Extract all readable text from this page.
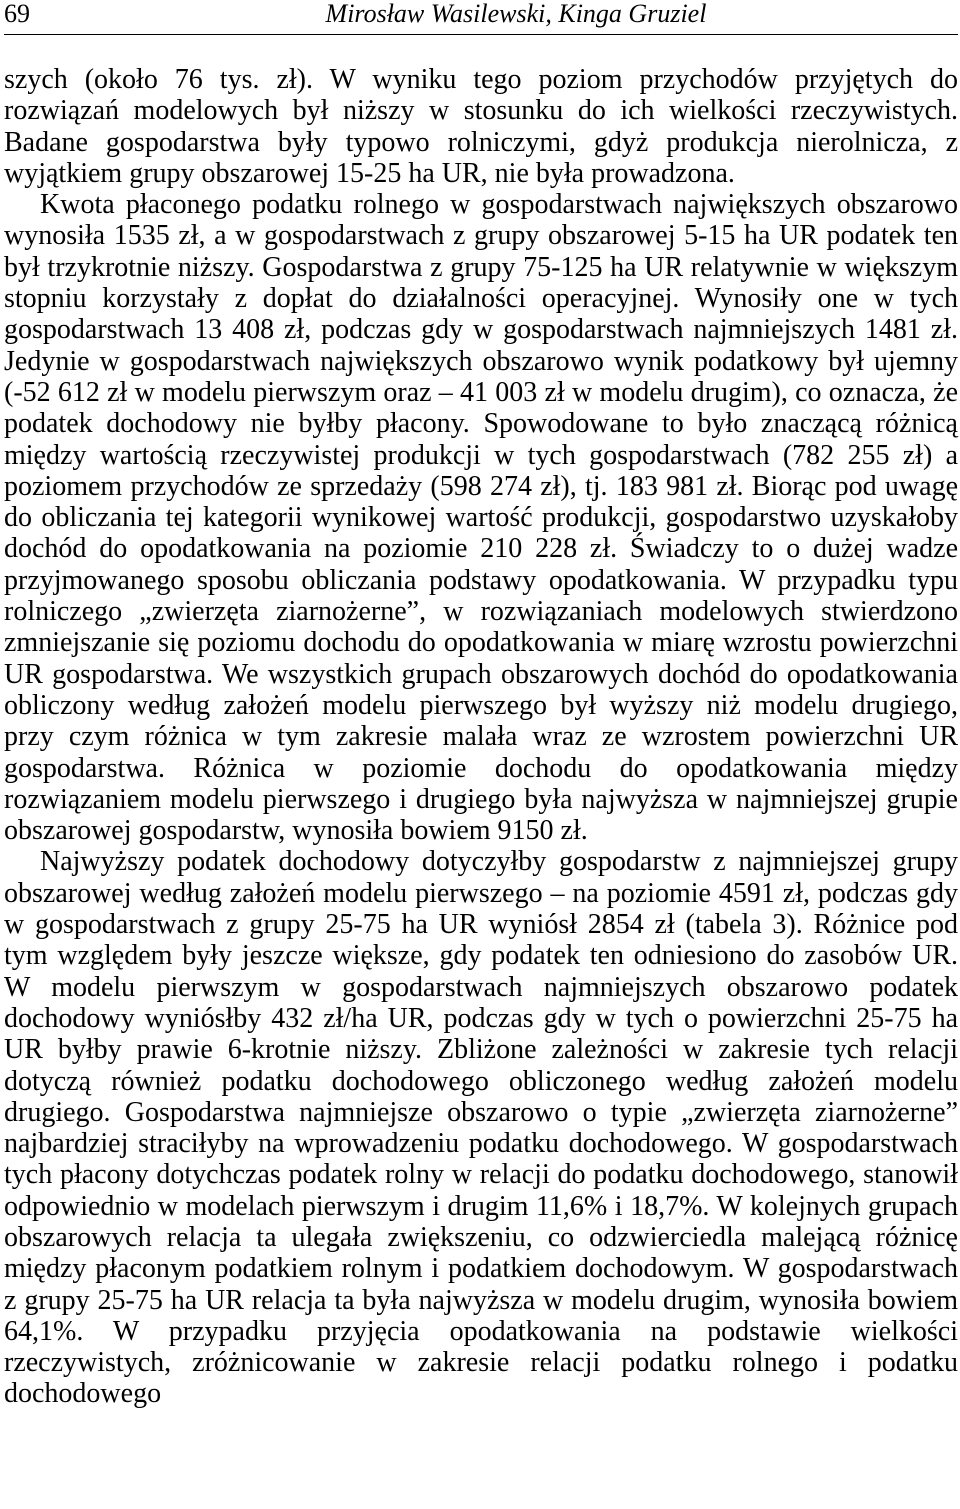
69	Mirosław Wasilewski, Kinga Gruziel

szych (około 76 tys. zł). W wyniku tego poziom przychodów przyjętych do rozwiązań modelowych był niższy w stosunku do ich wielkości rzeczywistych. Badane gospodarstwa były typowo rolniczymi, gdyż produkcja nierolnicza, z wyjątkiem grupy obszarowej 15-25 ha UR, nie była prowadzona.

Kwota płaconego podatku rolnego w gospodarstwach największych obszarowo wynosiła 1535 zł, a w gospodarstwach z grupy obszarowej 5-15 ha UR podatek ten był trzykrotnie niższy. Gospodarstwa z grupy 75-125 ha UR relatywnie w większym stopniu korzystały z dopłat do działalności operacyjnej. Wynosiły one w tych gospodarstwach 13 408 zł, podczas gdy w gospodarstwach najmniejszych 1481 zł. Jedynie w gospodarstwach największych obszarowo wynik podatkowy był ujemny (-52 612 zł w modelu pierwszym oraz – 41 003 zł w modelu drugim), co oznacza, że podatek dochodowy nie byłby płacony. Spowodowane to było znaczącą różnicą między wartością rzeczywistej produkcji w tych gospodarstwach (782 255 zł) a poziomem przychodów ze sprzedaży (598 274 zł), tj. 183 981 zł. Biorąc pod uwagę do obliczania tej kategorii wynikowej wartość produkcji, gospodarstwo uzyskałoby dochód do opodatkowania na poziomie 210 228 zł. Świadczy to o dużej wadze przyjmowanego sposobu obliczania podstawy opodatkowania. W przypadku typu rolniczego „zwierzęta ziarnożerne”, w rozwiązaniach modelowych stwierdzono zmniejszanie się poziomu dochodu do opodatkowania w miarę wzrostu powierzchni UR gospodarstwa. We wszystkich grupach obszarowych dochód do opodatkowania obliczony według założeń modelu pierwszego był wyższy niż modelu drugiego, przy czym różnica w tym zakresie malała wraz ze wzrostem powierzchni UR gospodarstwa. Różnica w poziomie dochodu do opodatkowania między rozwiązaniem modelu pierwszego i drugiego była najwyższa w najmniejszej grupie obszarowej gospodarstw, wynosiła bowiem 9150 zł.

Najwyższy podatek dochodowy dotyczyłby gospodarstw z najmniejszej grupy obszarowej według założeń modelu pierwszego – na poziomie 4591 zł, podczas gdy w gospodarstwach z grupy 25-75 ha UR wyniósł 2854 zł (tabela 3). Różnice pod tym względem były jeszcze większe, gdy podatek ten odniesiono do zasobów UR. W modelu pierwszym w gospodarstwach najmniejszych obszarowo podatek dochodowy wyniósłby 432 zł/ha UR, podczas gdy w tych o powierzchni 25-75 ha UR byłby prawie 6-krotnie niższy. Zbliżone zależności w zakresie tych relacji dotyczą również podatku dochodowego obliczonego według założeń modelu drugiego. Gospodarstwa najmniejsze obszarowo o typie „zwierzęta ziarnożerne” najbardziej straciłyby na wprowadzeniu podatku dochodowego. W gospodarstwach tych płacony dotychczas podatek rolny w relacji do podatku dochodowego, stanowił odpowiednio w modelach pierwszym i drugim 11,6% i 18,7%. W kolejnych grupach obszarowych relacja ta ulegała zwiększeniu, co odzwierciedla malejącą różnicę między płaconym podatkiem rolnym i podatkiem dochodowym. W gospodarstwach z grupy 25-75 ha UR relacja ta była najwyższa w modelu drugim, wynosiła bowiem 64,1%. W przypadku przyjęcia opodatkowania na podstawie wielkości rzeczywistych, zróżnicowanie w zakresie relacji podatku rolnego i podatku dochodowego
